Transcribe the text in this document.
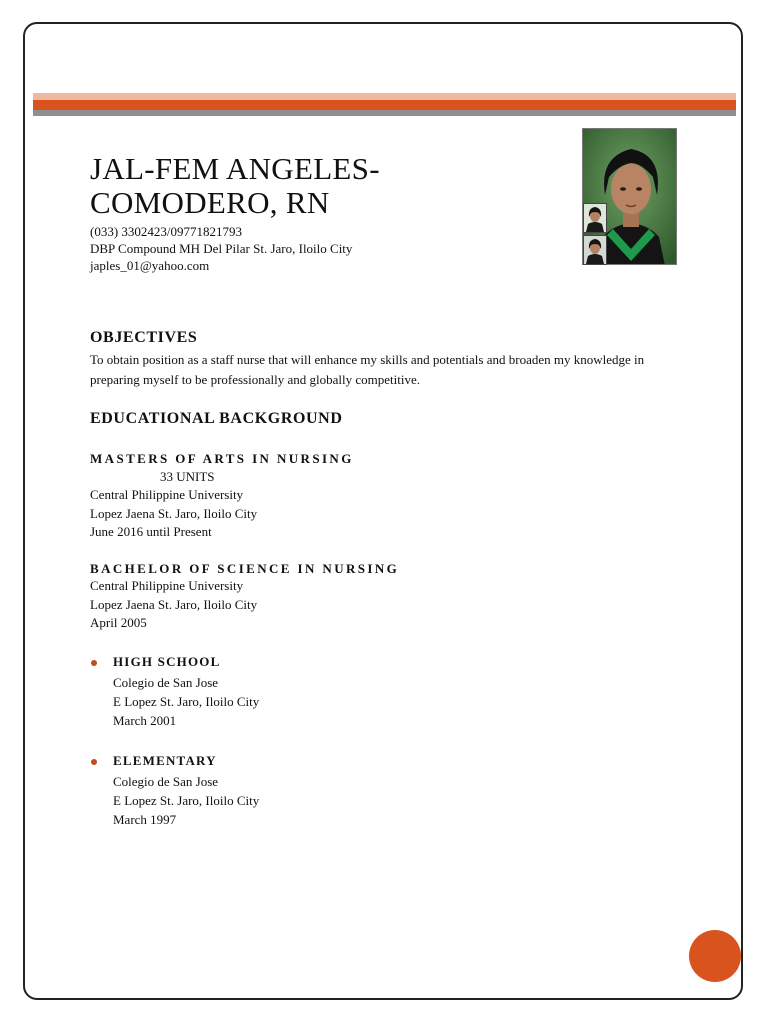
JAL-FEM ANGELES-COMODERO, RN
(033) 3302423/09771821793
DBP Compound MH Del Pilar St. Jaro, Iloilo City
japles_01@yahoo.com
OBJECTIVES

To obtain position as a staff nurse that will enhance my skills and potentials and broaden my knowledge in preparing myself to be professionally and globally competitive.

EDUCATIONAL BACKGROUND
MASTERS OF ARTS IN NURSING
33 UNITS
Central Philippine University
Lopez Jaena St. Jaro, Iloilo City
June 2016 until Present
BACHELOR OF SCIENCE IN NURSING
Central Philippine University
Lopez Jaena St. Jaro, Iloilo City
April 2005
HIGH SCHOOL
Colegio de San Jose
E Lopez St. Jaro, Iloilo City
March 2001
ELEMENTARY
Colegio de San Jose
E Lopez St. Jaro, Iloilo City
March 1997
